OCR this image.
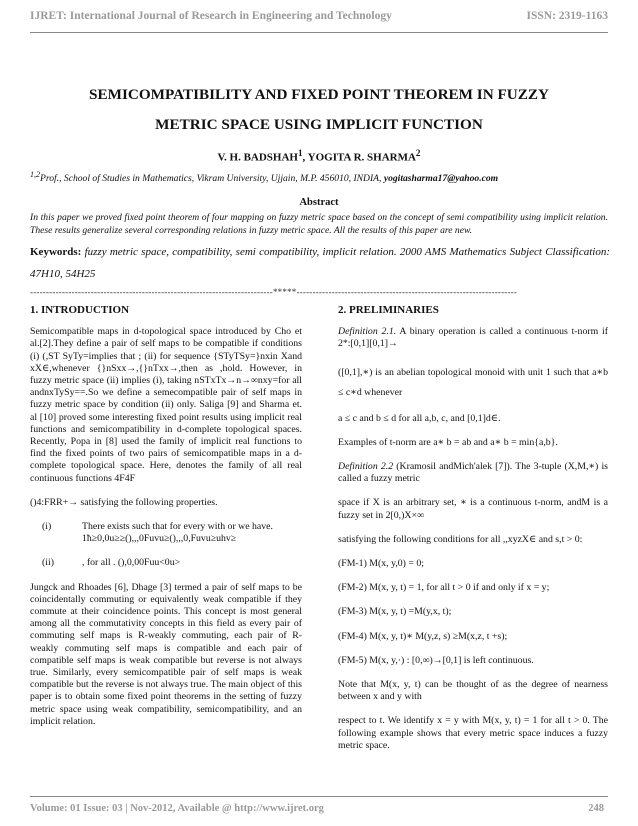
IJRET: International Journal of Research in Engineering and Technology	ISSN: 2319-1163
SEMICOMPATIBILITY AND FIXED POINT THEOREM IN FUZZY
METRIC SPACE USING IMPLICIT FUNCTION
V. H. BADSHAH$^1$, YOGITA R. SHARMA$^2$
$^{1,2}$Prof., School of Studies in Mathematics, Vikram University, Ujjain, M.P. 456010, INDIA, yogitasharma17@yahoo.com
Abstract
In this paper we proved fixed point theorem of four mapping on fuzzy metric space based on the concept of semi compatibility using implicit relation. These results generalize several corresponding relations in fuzzy metric space. All the results of this paper are new.
Keywords: fuzzy metric space, compatibility, semi compatibility, implicit relation. 2000 AMS Mathematics Subject Classification: 47H10, 54H25
----------------------------------------------------------------------------*****---------------------------------------------------------------------
1. INTRODUCTION

Semicompatible maps in d-topological space introduced by Cho et al.[2].They define a pair of self maps to be compatible if conditions (i) (,ST SyTy=implies that ; (ii) for sequence {STyTSy=}nxin Xand xX∈,whenever {}nSxx→,{}nTxx→,then as ,hold. However, in fuzzy metric space (ii) implies (i), taking nSTxTx→n→∞nxy=for all andnxTySy==.So we define a semecompatible pair of self maps in fuzzy metric space by condition (ii) only. Saliga [9] and Sharma et. al [10] proved some interesting fixed point results using implicit real functions and semicompatibility in d-complete topological spaces. Recently, Popa in [8] used the family of implicit real functions to find the fixed points of two pairs of semicompatible maps in a d-complete topological space. Here, denotes the family of all real continuous functions 4F4F

()4:FRR+→ satisfying the following properties.

(i)	There exists such that for every with or we have. 1ħ≥0,0u≥≥(),,,0Fuvu≥(),,,0,Fuvu≥uhv≥
(ii)	, for all . (),0,00Fuu<0u>

Jungck and Rhoades [6], Dhage [3] termed a pair of self maps to be coincidentally commuting or equivalently weak compatible if they commute at their coincidence points. This concept is most general among all the commutativity concepts in this field as every pair of commuting self maps is R-weakly commuting, each pair of R-weakly commuting self maps is compatible and each pair of compatible self maps is weak compatible but reverse is not always true. Similarly, every semicompatible pair of self maps is weak compatible but the reverse is not always true. The main object of this paper is to obtain some fixed point theorems in the setting of fuzzy metric space using weak compatibility, semicompatibility, and an implicit relation.

2. PRELIMINARIES

Definition 2.1. A binary operation is called a continuous t-norm if 2*:[0,1][0,1]→

([0,1],∗) is an abelian topological monoid with unit 1 such that a∗b ≤ c∗d whenever

a ≤ c and b ≤ d for all a,b, c, and [0,1]d∈.

Examples of t-norm are a∗ b = ab and a∗ b = min{a,b}.

Definition 2.2 (Kramosil andMich'alek [7]). The 3-tuple (X,M,∗) is called a fuzzy metric

space if X is an arbitrary set, ∗ is a continuous t-norm, andM is a fuzzy set in 2[0,)X×∞

satisfying the following conditions for all ,,xyzX∈ and s,t > 0:

(FM-1) M(x, y,0) = 0;

(FM-2) M(x, y, t) = 1, for all t > 0 if and only if x = y;

(FM-3) M(x, y, t) =M(y,x, t);

(FM-4) M(x, y, t)∗ M(y,z, s) ≥M(x,z, t +s);

(FM-5) M(x, y,·) : [0,∞)→[0,1] is left continuous.

Note that M(x, y, t) can be thought of as the degree of nearness between x and y with

respect to t. We identify x = y with M(x, y, t) = 1 for all t > 0. The following example shows that every metric space induces a fuzzy metric space.

Volume: 01 Issue: 03 | Nov-2012, Available @ http://www.ijret.org	248
